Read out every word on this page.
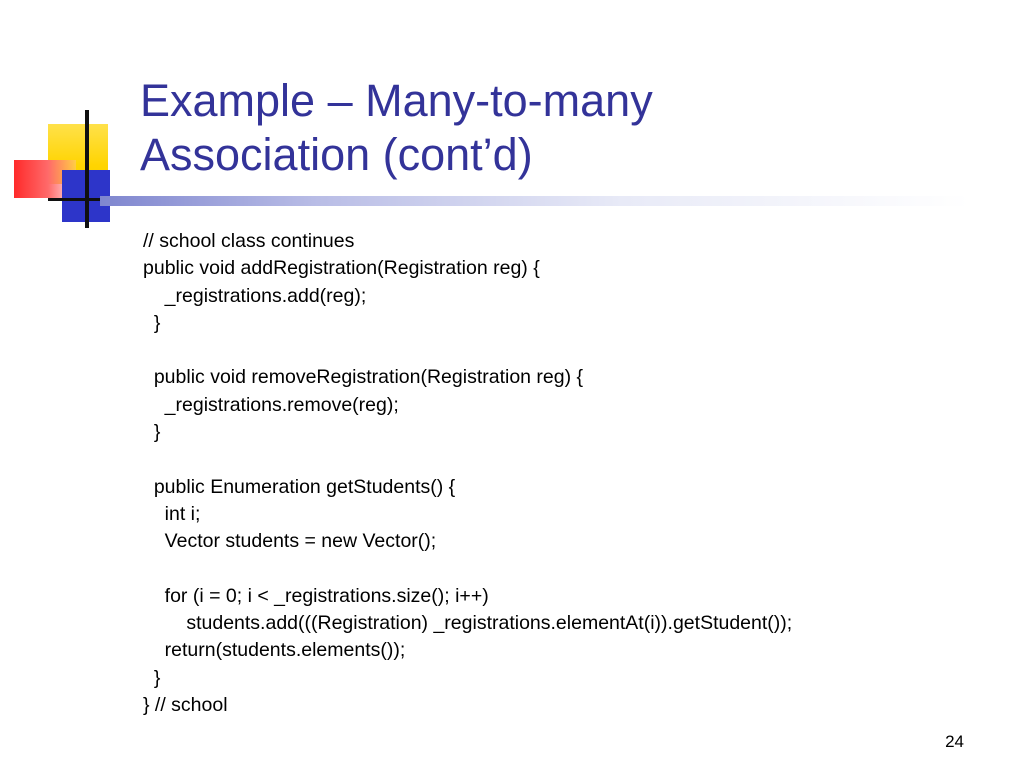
Example – Many-to-many
Association (cont’d)
// school class continues
public void addRegistration(Registration reg) {
_registrations.add(reg);
}
public void removeRegistration(Registration reg) {
_registrations.remove(reg);
}
public Enumeration getStudents() {
int i;
Vector students = new Vector();
for (i = 0; i < _registrations.size(); i++)
students.add(((Registration) _registrations.elementAt(i)).getStudent());
return(students.elements());
}
} // school
24
